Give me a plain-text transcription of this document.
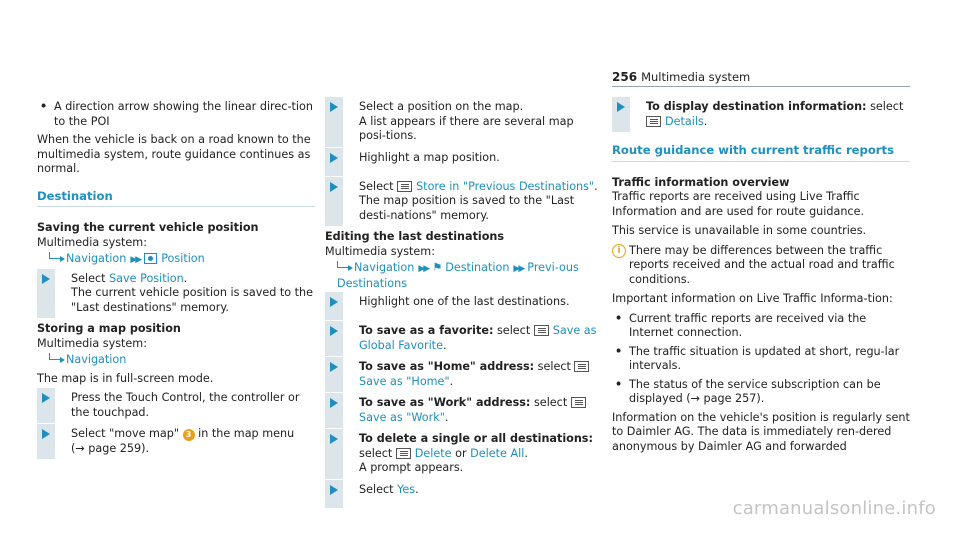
256 Multimedia system
• A direction arrow showing the linear direc-tion to the POI

When the vehicle is back on a road known to the multimedia system, route guidance continues as normal.

Destination

Saving the current vehicle position

Multimedia system:

Navigation ▶▶ Position
Select Save Position.
The current vehicle position is saved to the "Last destinations" memory.

Storing a map position

Multimedia system:

Navigation

The map is in full-screen mode.

Press the Touch Control, the controller or the touchpad.
Select "move map" 3 in the map menu
(→ page 259).
Select a position on the map.
A list appears if there are several map posi-tions.
Highlight a map position.
Select Store in "Previous Destinations".
The map position is saved to the "Last desti-nations" memory.

Editing the last destinations

Multimedia system:

Navigation ▶▶ ⚑ Destination ▶▶ Previ-ous Destinations
Highlight one of the last destinations.
To save as a favorite: select Save as Global Favorite.
To save as "Home" address: select
Save as "Home".
To save as "Work" address: select
Save as "Work".
To delete a single or all destinations:
select Delete or Delete All.
A prompt appears.
Select Yes.
To display destination information: select
Details.
Route guidance with current traffic reports

Traffic information overview

Traffic reports are received using Live Traffic Information and are used for route guidance.

This service is unavailable in some countries.

i There may be differences between the traffic reports received and the actual road and traffic conditions.

Important information on Live Traffic Informa-tion:

• Current traffic reports are received via the Internet connection.
• The traffic situation is updated at short, regu-lar intervals.
• The status of the service subscription can be displayed (→ page 257).

Information on the vehicle's position is regularly sent to Daimler AG. The data is immediately ren-dered anonymous by Daimler AG and forwarded

carmanualsonline.info
